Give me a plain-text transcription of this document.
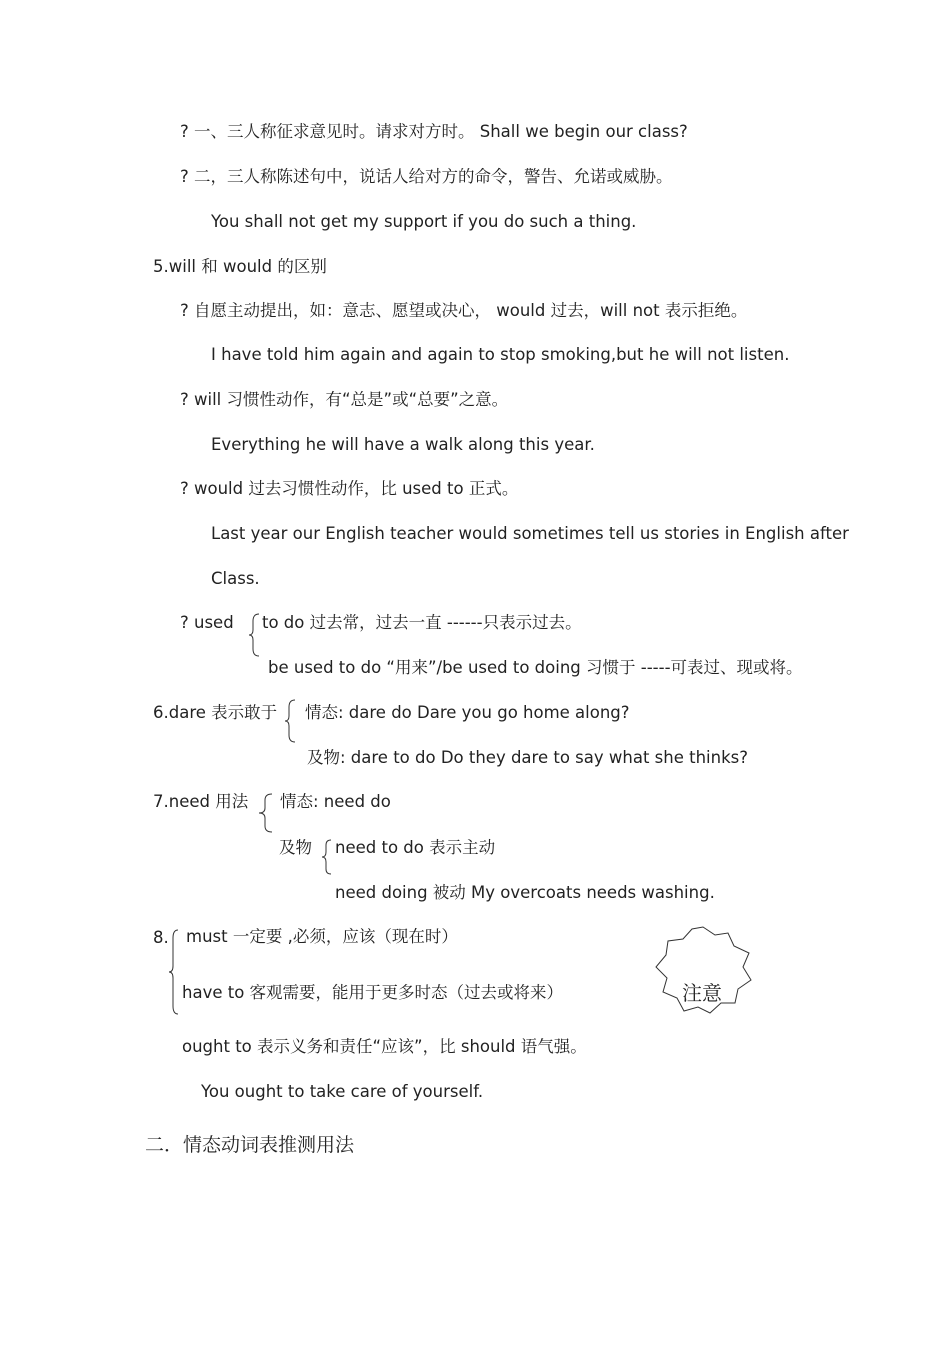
? 一、三人称征求意见时。请求对方时。 Shall we begin our class?
? 二，三人称陈述句中，说话人给对方的命令，警告、允诺或威胁。
You shall not get my support if you do such a thing.
5.will 和 would 的区别
? 自愿主动提出，如：意志、愿望或决心， would 过去，will not 表示拒绝。
I have told him again and again to stop smoking,but he will not listen.
? will 习惯性动作，有“总是”或“总要”之意。
Everything he will have a walk along this year.
? would 过去习惯性动作，比 used to 正式。
Last year our English teacher would sometimes tell us stories in English after
Class.
? used to do 过去常，过去一直 ------只表示过去。
be used to do “用来”/be used to doing 习惯于 -----可表过、现或将。
6.dare 表示敢于 情态: dare do Dare you go home along?
及物: dare to do Do they dare to say what she thinks?
7.need 用法 情态: need do
及物 need to do 表示主动
need doing 被动 My overcoats needs washing.
8. must 一定要 ,必须，应该（现在时）
have to 客观需要，能用于更多时态（过去或将来）	注意
ought to 表示义务和责任“应该”，比 should 语气强。
You ought to take care of yourself.
二．情态动词表推测用法
